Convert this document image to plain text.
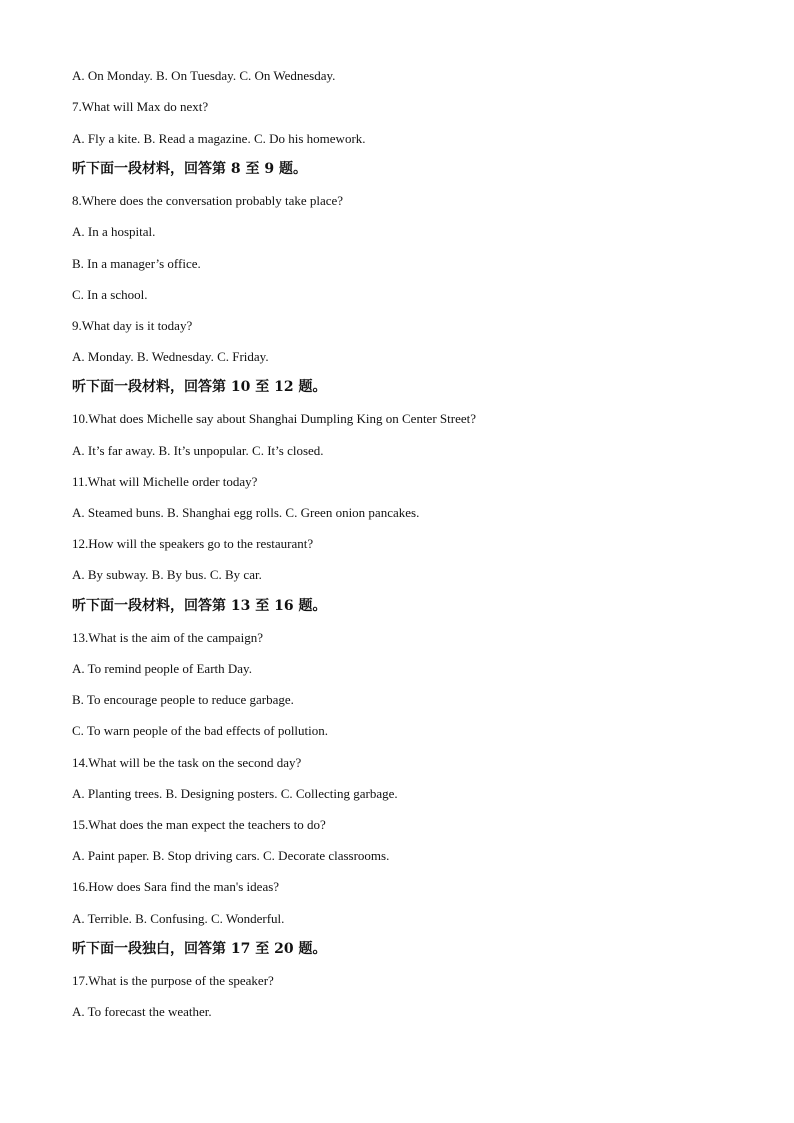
A. On Monday. B. On Tuesday. C. On Wednesday.
7.What will Max do next?
A. Fly a kite. B. Read a magazine. C. Do his homework.
听下面一段材料，回答第 8 至 9 题。
8.Where does the conversation probably take place?
A. In a hospital.
B. In a manager’s office.
C. In a school.
9.What day is it today?
A. Monday. B. Wednesday. C. Friday.
听下面一段材料，回答第 10 至 12 题。
10.What does Michelle say about Shanghai Dumpling King on Center Street?
A. It’s far away. B. It’s unpopular. C. It’s closed.
11.What will Michelle order today?
A. Steamed buns. B. Shanghai egg rolls. C. Green onion pancakes.
12.How will the speakers go to the restaurant?
A. By subway. B. By bus. C. By car.
听下面一段材料，回答第 13 至 16 题。
13.What is the aim of the campaign?
A. To remind people of Earth Day.
B. To encourage people to reduce garbage.
C. To warn people of the bad effects of pollution.
14.What will be the task on the second day?
A. Planting trees. B. Designing posters. C. Collecting garbage.
15.What does the man expect the teachers to do?
A. Paint paper. B. Stop driving cars. C. Decorate classrooms.
16.How does Sara find the man's ideas?
A. Terrible. B. Confusing. C. Wonderful.
听下面一段独白，回答第 17 至 20 题。
17.What is the purpose of the speaker?
A. To forecast the weather.
